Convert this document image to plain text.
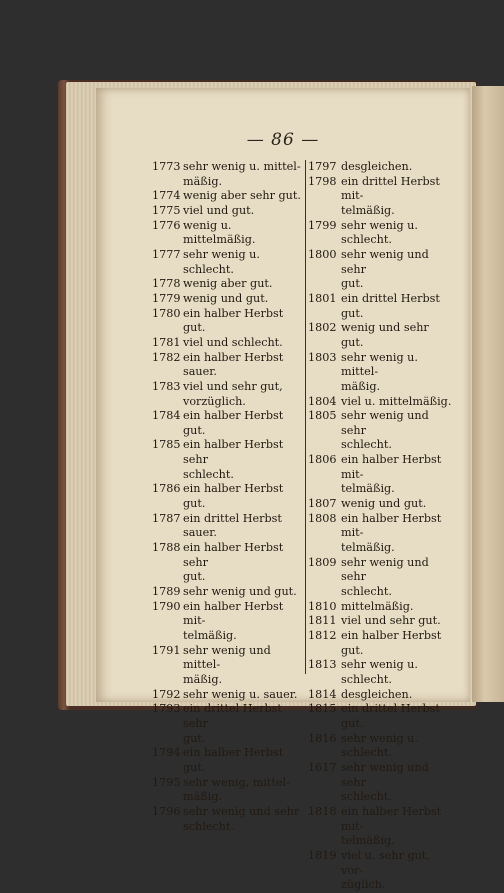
— 86 —
1773 sehr wenig u. mittel-
mäßig.
1774 wenig aber sehr gut.
1775 viel und gut.
1776 wenig u. mittelmäßig.
1777 sehr wenig u. schlecht.
1778 wenig aber gut.
1779 wenig und gut.
1780 ein halber Herbst gut.
1781 viel und schlecht.
1782 ein halber Herbst sauer.
1783 viel und sehr gut,
vorzüglich.
1784 ein halber Herbst gut.
1785 ein halber Herbst sehr
schlecht.
1786 ein halber Herbst gut.
1787 ein drittel Herbst sauer.
1788 ein halber Herbst sehr
gut.
1789 sehr wenig und gut.
1790 ein halber Herbst mit-
telmäßig.
1791 sehr wenig und mittel-
mäßig.
1792 sehr wenig u. sauer.
1793 ein drittel Herbst sehr
gut.
1794 ein halber Herbst gut.
1795 sehr wenig, mittel-
mäßig.
1796 sehr wenig und sehr
schlecht.
1797 desgleichen.
1798 ein drittel Herbst mit-
telmäßig.
1799 sehr wenig u. schlecht.
1800 sehr wenig und sehr
gut.
1801 ein drittel Herbst gut.
1802 wenig und sehr gut.
1803 sehr wenig u. mittel-
mäßig.
1804 viel u. mittelmäßig.
1805 sehr wenig und sehr
schlecht.
1806 ein halber Herbst mit-
telmäßig.
1807 wenig und gut.
1808 ein halber Herbst mit-
telmäßig.
1809 sehr wenig und sehr
schlecht.
1810 mittelmäßig.
1811 viel und sehr gut.
1812 ein halber Herbst gut.
1813 sehr wenig u. schlecht.
1814 desgleichen.
1815 ein drittel Herbst gut.
1816 sehr wenig u. schlecht.
1617 sehr wenig und sehr
schlecht.
1818 ein halber Herbst mit-
telmäßig.
1819 viel u. sehr gut, vor-
züglich.
